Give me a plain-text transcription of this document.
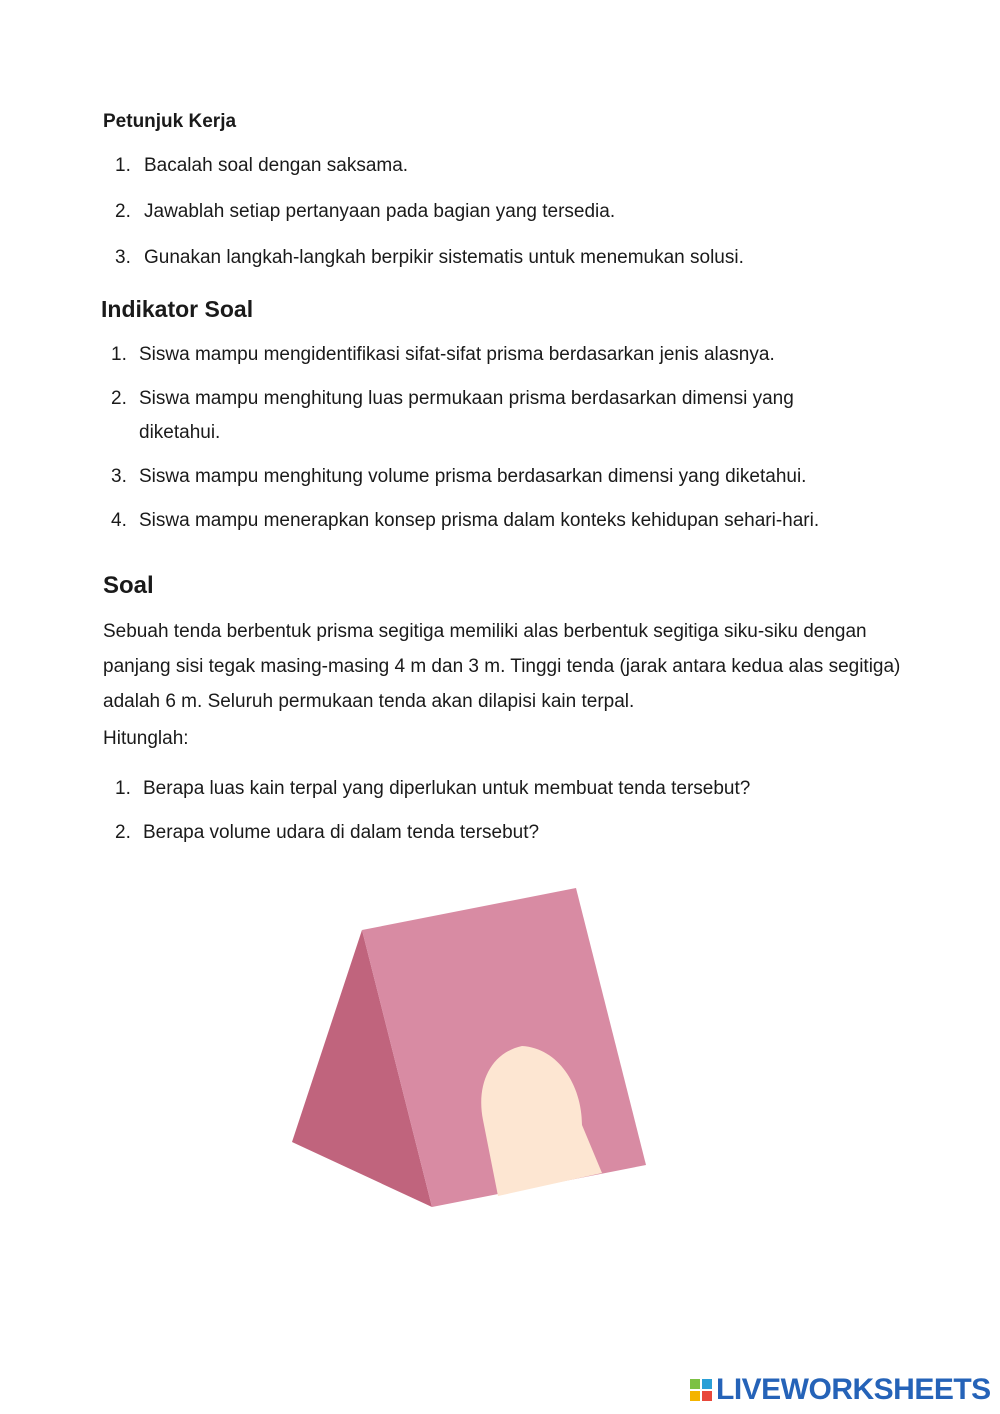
Petunjuk Kerja
1. Bacalah soal dengan saksama.
2. Jawablah setiap pertanyaan pada bagian yang tersedia.
3. Gunakan langkah-langkah berpikir sistematis untuk menemukan solusi.
Indikator Soal
1. Siswa mampu mengidentifikasi sifat-sifat prisma berdasarkan jenis alasnya.
2. Siswa mampu menghitung luas permukaan prisma berdasarkan dimensi yang diketahui.
3. Siswa mampu menghitung volume prisma berdasarkan dimensi yang diketahui.
4. Siswa mampu menerapkan konsep prisma dalam konteks kehidupan sehari-hari.
Soal

Sebuah tenda berbentuk prisma segitiga memiliki alas berbentuk segitiga siku-siku dengan panjang sisi tegak masing-masing 4 m dan 3 m. Tinggi tenda (jarak antara kedua alas segitiga) adalah 6 m. Seluruh permukaan tenda akan dilapisi kain terpal.

Hitunglah:

1. Berapa luas kain terpal yang diperlukan untuk membuat tenda tersebut?
2. Berapa volume udara di dalam tenda tersebut?
LIVEWORKSHEETS
